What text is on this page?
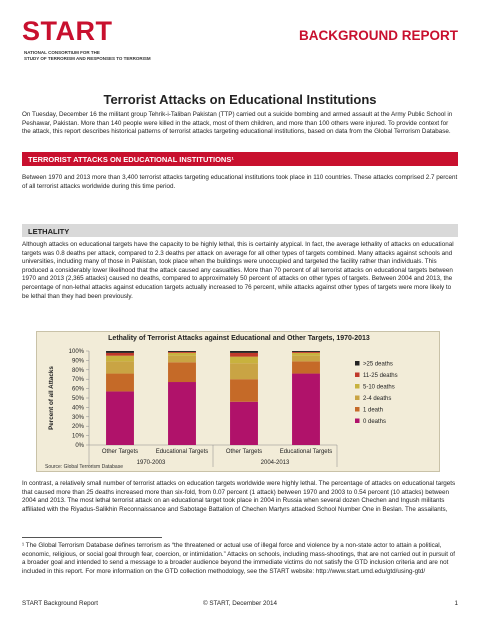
START
NATIONAL CONSORTIUM FOR THE
STUDY OF TERRORISM AND RESPONSES TO TERRORISM
BACKGROUND REPORT
Terrorist Attacks on Educational Institutions
On Tuesday, December 16 the militant group Tehrik-i-Taliban Pakistan (TTP) carried out a suicide bombing and armed assault at the Army Public School in Peshawar, Pakistan. More than 140 people were killed in the attack, most of them children, and more than 100 others were injured. To provide context for the attack, this report describes historical patterns of terrorist attacks targeting educational institutions, based on data from the Global Terrorism Database.
TERRORIST ATTACKS ON EDUCATIONAL INSTITUTIONS¹
Between 1970 and 2013 more than 3,400 terrorist attacks targeting educational institutions took place in 110 countries. These attacks comprised 2.7 percent of all terrorist attacks worldwide during this time period.
LETHALITY
Although attacks on educational targets have the capacity to be highly lethal, this is certainly atypical. In fact, the average lethality of attacks on educational targets was 0.8 deaths per attack, compared to 2.3 deaths per attack on average for all other types of targets combined. Many attacks against schools and universities, including many of those in Pakistan, took place when the buildings were unoccupied and targeted the facility rather than individuals. This produced a considerably lower likelihood that the attack caused any casualties. More than 70 percent of all terrorist attacks on educational targets between 1970 and 2013 (2,365 attacks) caused no deaths, compared to approximately 50 percent of attacks on other types of targets. Between 2004 and 2013, the percentage of non-lethal attacks against education targets actually increased to 76 percent, while attacks against other types of targets were more likely to be lethal than they had been previously.
0%
10%
20%
30%
40%
50%
60%
70%
80%
90%
100%
Percent of all Attacks
Other Targets	Educational Targets	Other Targets	Educational Targets
1970-2003	2004-2013
>25 deaths
11-25 deaths
5-10 deaths
2-4 deaths
1 death
0 deaths
Lethality of Terrorist Attacks against Educational and Other Targets, 1970-2013
Source: Global Terrorism Database
In contrast, a relatively small number of terrorist attacks on education targets worldwide were highly lethal. The percentage of attacks on educational targets that caused more than 25 deaths increased more than six-fold, from 0.07 percent (1 attack) between 1970 and 2003 to 0.54 percent (10 attacks) between 2004 and 2013. The most lethal terrorist attack on an educational target took place in 2004 in Russia when several dozen Chechen and Ingush militants affiliated with the Riyadus-Salikhin Reconnaissance and Sabotage Battalion of Chechen Martyrs attacked School Number One in Beslan. The assailants,
¹ The Global Terrorism Database defines terrorism as “the threatened or actual use of illegal force and violence by a non-state actor to attain a political, economic, religious, or social goal through fear, coercion, or intimidation.” Attacks on schools, including mass-shootings, that are not carried out in pursuit of a broader goal and intended to send a message to a broader audience beyond the immediate victims do not satisfy the GTD inclusion criteria and are not included in this report. For more information on the GTD collection methodology, see the START website: http://www.start.umd.edu/gtd/using-gtd/
START Background Report	© START, December 2014	1
